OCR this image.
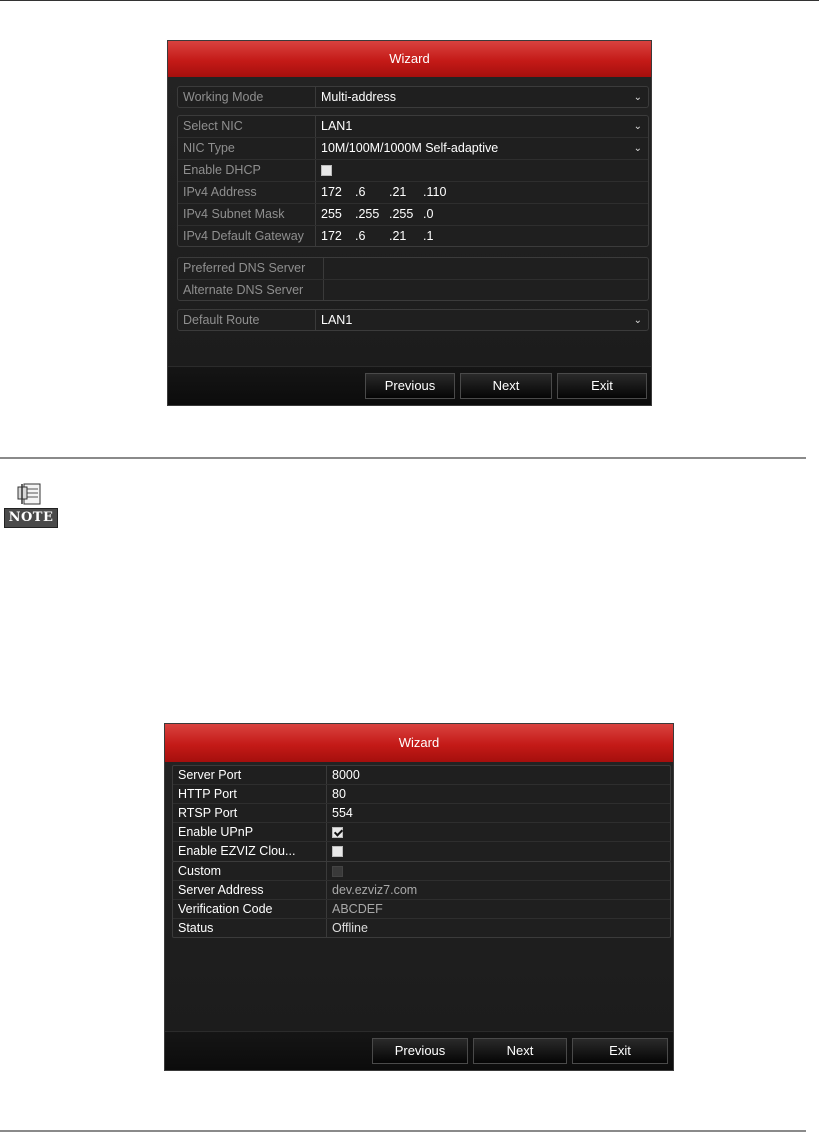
Wizard
Working Mode	Multi-address	⌄
Select NIC	LAN1	⌄
NIC Type	10M/100M/1000M Self-adaptive	⌄
Enable DHCP
IPv4 Address	172 .6 .21 .110
IPv4 Subnet Mask	255 .255 .255 .0
IPv4 Default Gateway	172 .6 .21 .1
Preferred DNS Server
Alternate DNS Server
Default Route	LAN1	⌄
Previous	Next	Exit
NOTE
Wizard
Server Port	8000
HTTP Port	80
RTSP Port	554
Enable UPnP
Enable EZVIZ Clou...
Custom
Server Address	dev.ezviz7.com
Verification Code	ABCDEF
Status	Offline
Previous	Next	Exit
